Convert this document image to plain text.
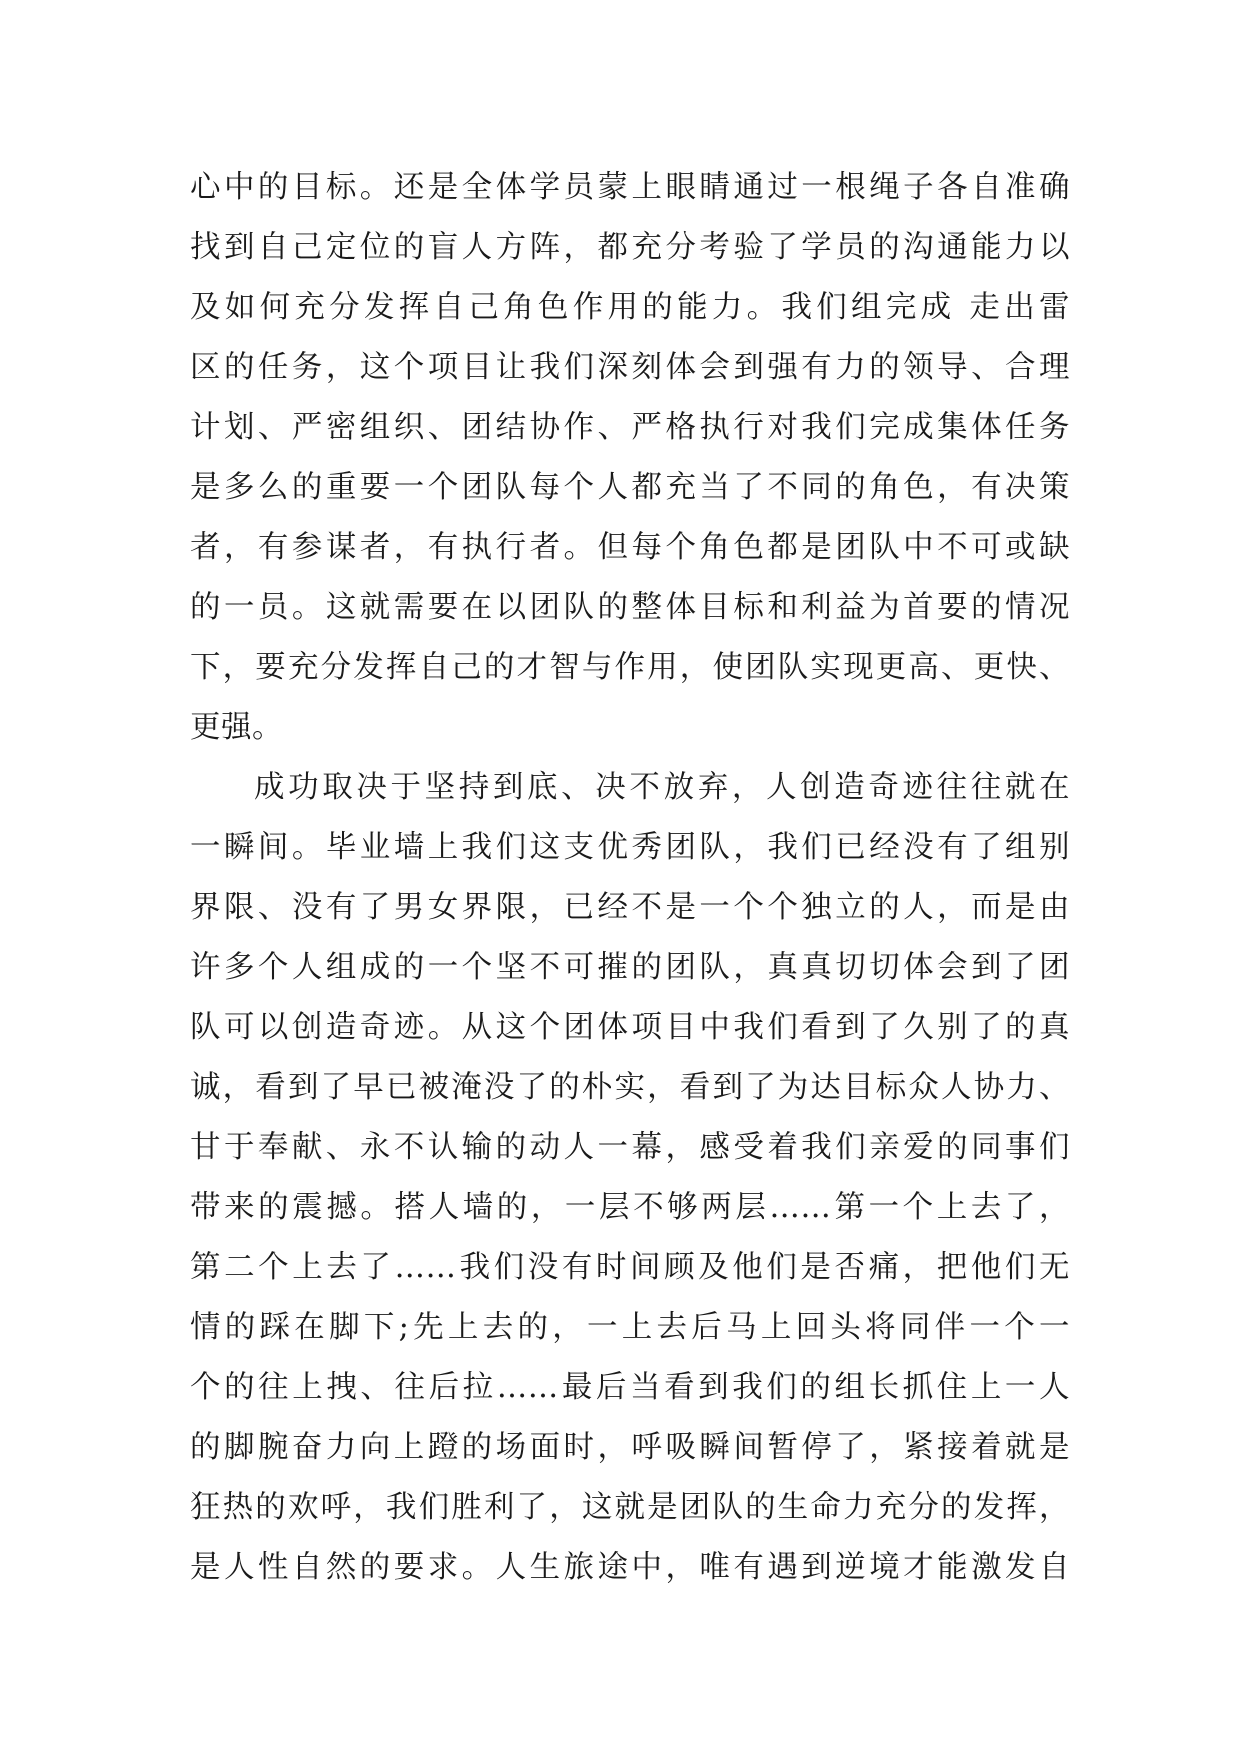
心中的目标。还是全体学员蒙上眼睛通过一根绳子各自准确
找到自己定位的盲人方阵，都充分考验了学员的沟通能力以
及如何充分发挥自己角色作用的能力。我们组完成 走出雷
区的任务，这个项目让我们深刻体会到强有力的领导、合理
计划、严密组织、团结协作、严格执行对我们完成集体任务
是多么的重要一个团队每个人都充当了不同的角色，有决策
者，有参谋者，有执行者。但每个角色都是团队中不可或缺
的一员。这就需要在以团队的整体目标和利益为首要的情况
下，要充分发挥自己的才智与作用，使团队实现更高、更快、
更强。
成功取决于坚持到底、决不放弃，人创造奇迹往往就在
一瞬间。毕业墙上我们这支优秀团队，我们已经没有了组别
界限、没有了男女界限，已经不是一个个独立的人，而是由
许多个人组成的一个坚不可摧的团队，真真切切体会到了团
队可以创造奇迹。从这个团体项目中我们看到了久别了的真
诚，看到了早已被淹没了的朴实，看到了为达目标众人协力、
甘于奉献、永不认输的动人一幕，感受着我们亲爱的同事们
带来的震撼。搭人墙的，一层不够两层……第一个上去了，
第二个上去了……我们没有时间顾及他们是否痛，把他们无
情的踩在脚下;先上去的，一上去后马上回头将同伴一个一
个的往上拽、往后拉……最后当看到我们的组长抓住上一人
的脚腕奋力向上蹬的场面时，呼吸瞬间暂停了，紧接着就是
狂热的欢呼，我们胜利了，这就是团队的生命力充分的发挥，
是人性自然的要求。人生旅途中，唯有遇到逆境才能激发自
